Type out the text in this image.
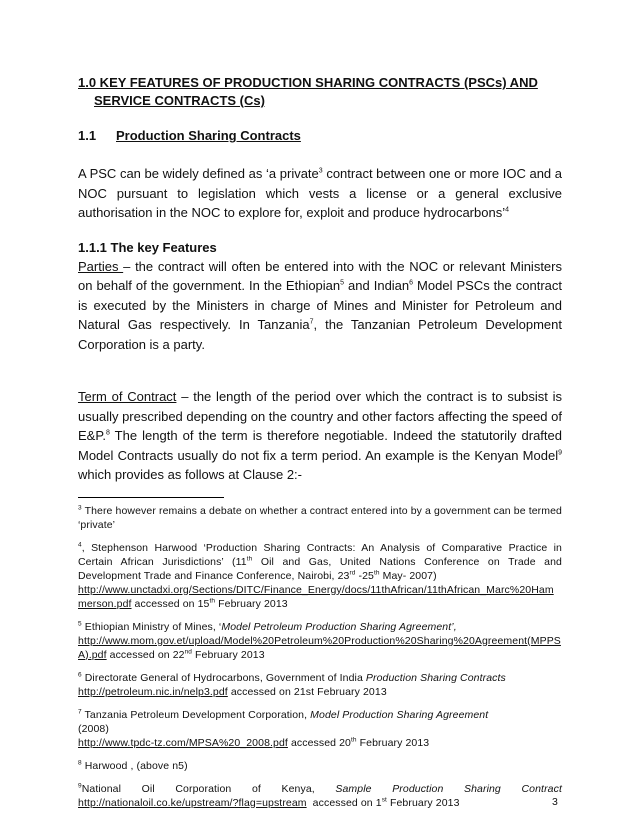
1.0 KEY FEATURES OF PRODUCTION SHARING CONTRACTS (PSCs) AND
SERVICE CONTRACTS (Cs)

1.1 Production Sharing Contracts

A PSC can be widely defined as ‘a private$^3$ contract between one or more IOC and a NOC pursuant to legislation which vests a license or a general exclusive authorisation in the NOC to explore for, exploit and produce hydrocarbons’$^4$

1.1.1 The key Features

Parties – the contract will often be entered into with the NOC or relevant Ministers on behalf of the government. In the Ethiopian$^5$ and Indian$^6$ Model PSCs the contract is executed by the Ministers in charge of Mines and Minister for Petroleum and Natural Gas respectively. In Tanzania$^7$, the Tanzanian Petroleum Development Corporation is a party.

Term of Contract – the length of the period over which the contract is to subsist is usually prescribed depending on the country and other factors affecting the speed of E&P.$^8$ The length of the term is therefore negotiable. Indeed the statutorily drafted Model Contracts usually do not fix a term period. An example is the Kenyan Model$^9$ which provides as follows at Clause 2:-

$^3$ There however remains a debate on whether a contract entered into by a government can be termed ‘private’

$^4$, Stephenson Harwood ‘Production Sharing Contracts: An Analysis of Comparative Practice in Certain African Jurisdictions’ (11th Oil and Gas, United Nations Conference on Trade and Development Trade and Finance Conference, Nairobi, 23rd -25th May- 2007)
http://www.unctadxi.org/Sections/DITC/Finance_Energy/docs/11thAfrican/11thAfrican_Marc%20Hammerson.pdf accessed on 15th February 2013

$^5$ Ethiopian Ministry of Mines, ‘Model Petroleum Production Sharing Agreement’,
http://www.mom.gov.et/upload/Model%20Petroleum%20Production%20Sharing%20Agreement(MPPSA).pdf accessed on 22nd February 2013

$^6$ Directorate General of Hydrocarbons, Government of India Production Sharing Contracts
http://petroleum.nic.in/nelp3.pdf accessed on 21st February 2013

$^7$ Tanzania Petroleum Development Corporation, Model Production Sharing Agreement
(2008)
http://www.tpdc-tz.com/MPSA%20_2008.pdf accessed 20th February 2013

$^8$ Harwood , (above n5)

$^9$National Oil Corporation of Kenya, Sample Production Sharing Contract
http://nationaloil.co.ke/upstream/?flag=upstream  accessed on 1st February 2013	3
